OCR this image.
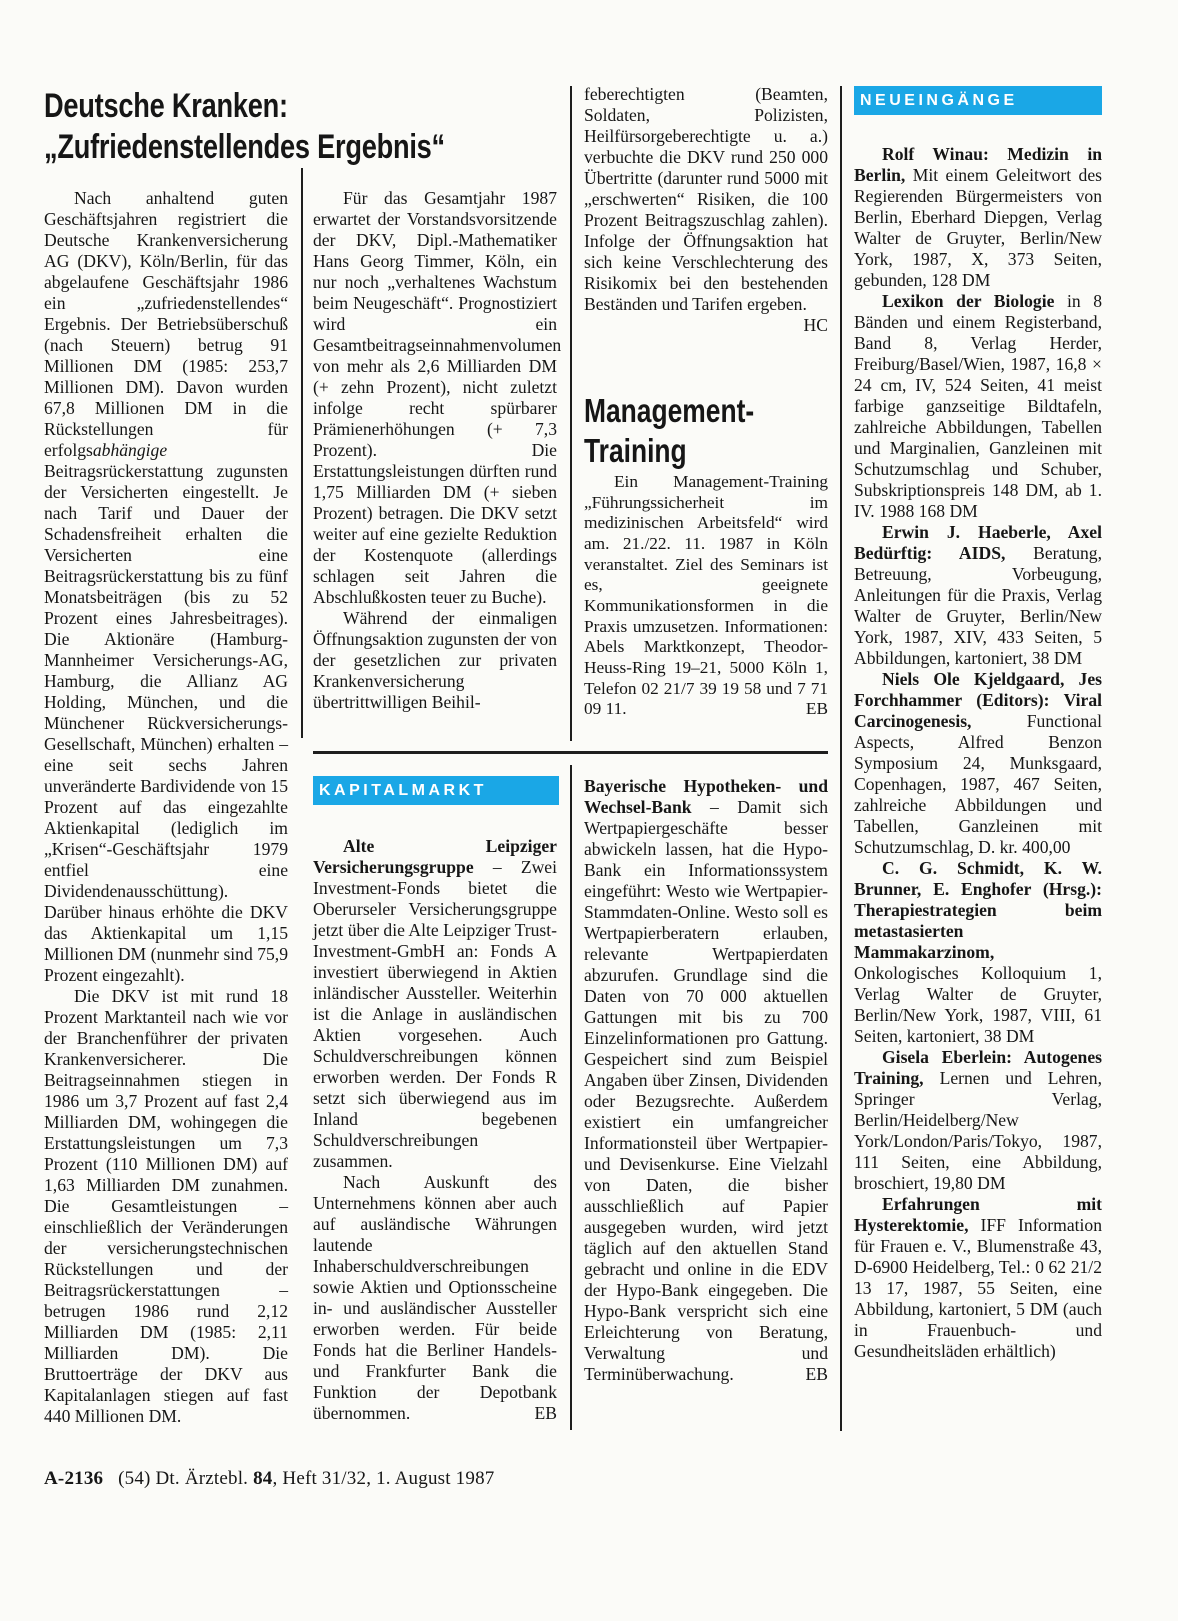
Deutsche Kranken:
„Zufriedenstellendes Ergebnis“

Nach anhaltend guten Geschäftsjahren registriert die Deutsche Krankenversicherung AG (DKV), Köln/Berlin, für das abgelaufene Geschäftsjahr 1986 ein „zufriedenstellendes“ Ergebnis. Der Betriebsüberschuß (nach Steuern) betrug 91 Millionen DM (1985: 253,7 Millionen DM). Davon wurden 67,8 Millionen DM in die Rückstellungen für erfolgsabhängige Beitragsrückerstattung zugunsten der Versicherten eingestellt. Je nach Tarif und Dauer der Schadensfreiheit erhalten die Versicherten eine Beitragsrückerstattung bis zu fünf Monatsbeiträgen (bis zu 52 Prozent eines Jahresbeitrages). Die Aktionäre (Hamburg-Mannheimer Versicherungs-AG, Hamburg, die Allianz AG Holding, München, und die Münchener Rückversicherungs-Gesellschaft, München) erhalten – eine seit sechs Jahren unveränderte Bardividende von 15 Prozent auf das eingezahlte Aktienkapital (lediglich im „Krisen“-Geschäftsjahr 1979 entfiel eine Dividendenausschüttung). Darüber hinaus erhöhte die DKV das Aktienkapital um 1,15 Millionen DM (nunmehr sind 75,9 Prozent eingezahlt).

Die DKV ist mit rund 18 Prozent Marktanteil nach wie vor der Branchenführer der privaten Krankenversicherer. Die Beitragseinnahmen stiegen in 1986 um 3,7 Prozent auf fast 2,4 Milliarden DM, wohingegen die Erstattungsleistungen um 7,3 Prozent (110 Millionen DM) auf 1,63 Milliarden DM zunahmen. Die Gesamtleistungen – einschließlich der Veränderungen der versicherungstechnischen Rückstellungen und der Beitragsrückerstattungen – betrugen 1986 rund 2,12 Milliarden DM (1985: 2,11 Milliarden DM). Die Bruttoerträge der DKV aus Kapitalanlagen stiegen auf fast 440 Millionen DM.

Für das Gesamtjahr 1987 erwartet der Vorstandsvorsitzende der DKV, Dipl.-Mathematiker Hans Georg Timmer, Köln, ein nur noch „verhaltenes Wachstum beim Neugeschäft“. Prognostiziert wird ein Gesamtbeitragseinnahmenvolumen von mehr als 2,6 Milliarden DM (+ zehn Prozent), nicht zuletzt infolge recht spürbarer Prämienerhöhungen (+ 7,3 Prozent). Die Erstattungsleistungen dürften rund 1,75 Milliarden DM (+ sieben Prozent) betragen. Die DKV setzt weiter auf eine gezielte Reduktion der Kostenquote (allerdings schlagen seit Jahren die Abschlußkosten teuer zu Buche).

Während der einmaligen Öffnungsaktion zugunsten der von der gesetzlichen zur privaten Krankenversicherung übertrittwilligen Beihil-

feberechtigten (Beamten, Soldaten, Polizisten, Heilfürsorgeberechtigte u. a.) verbuchte die DKV rund 250 000 Übertritte (darunter rund 5000 mit „erschwerten“ Risiken, die 100 Prozent Beitragszuschlag zahlen). Infolge der Öffnungsaktion hat sich keine Verschlechterung des Risikomix bei den bestehenden Beständen und Tarifen ergeben.
HC

Management-
Training

Ein Management-Training „Führungssicherheit im medizinischen Arbeitsfeld“ wird am. 21./22. 11. 1987 in Köln veranstaltet. Ziel des Seminars ist es, geeignete Kommunikationsformen in die Praxis umzusetzen. Informationen: Abels Marktkonzept, Theodor-Heuss-Ring 19–21, 5000 Köln 1, Telefon 02 21/7 39 19 58 und 7 71 09 11.	EB

KAPITALMARKT

Alte Leipziger Versicherungsgruppe – Zwei Investment-Fonds bietet die Oberurseler Versicherungsgruppe jetzt über die Alte Leipziger Trust-Investment-GmbH an: Fonds A investiert überwiegend in Aktien inländischer Aussteller. Weiterhin ist die Anlage in ausländischen Aktien vorgesehen. Auch Schuldverschreibungen können erworben werden. Der Fonds R setzt sich überwiegend aus im Inland begebenen Schuldverschreibungen zusammen.

Nach Auskunft des Unternehmens können aber auch auf ausländische Währungen lautende Inhaberschuldverschreibungen sowie Aktien und Optionsscheine in- und ausländischer Aussteller erworben werden. Für beide Fonds hat die Berliner Handels- und Frankfurter Bank die Funktion der Depotbank übernommen.	EB

Bayerische Hypotheken- und Wechsel-Bank – Damit sich Wertpapiergeschäfte besser abwickeln lassen, hat die Hypo-Bank ein Informationssystem eingeführt: Westo wie Wertpapier-Stammdaten-Online. Westo soll es Wertpapierberatern erlauben, relevante Wertpapierdaten abzurufen. Grundlage sind die Daten von 70 000 aktuellen Gattungen mit bis zu 700 Einzelinformationen pro Gattung. Gespeichert sind zum Beispiel Angaben über Zinsen, Dividenden oder Bezugsrechte. Außerdem existiert ein umfangreicher Informationsteil über Wertpapier- und Devisenkurse. Eine Vielzahl von Daten, die bisher ausschließlich auf Papier ausgegeben wurden, wird jetzt täglich auf den aktuellen Stand gebracht und online in die EDV der Hypo-Bank eingegeben. Die Hypo-Bank verspricht sich eine Erleichterung von Beratung, Verwaltung und Terminüberwachung.	EB

NEUEINGÄNGE

Rolf Winau: Medizin in Berlin, Mit einem Geleitwort des Regierenden Bürgermeisters von Berlin, Eberhard Diepgen, Verlag Walter de Gruyter, Berlin/New York, 1987, X, 373 Seiten, gebunden, 128 DM

Lexikon der Biologie in 8 Bänden und einem Registerband, Band 8, Verlag Herder, Freiburg/Basel/Wien, 1987, 16,8 × 24 cm, IV, 524 Seiten, 41 meist farbige ganzseitige Bildtafeln, zahlreiche Abbildungen, Tabellen und Marginalien, Ganzleinen mit Schutzumschlag und Schuber, Subskriptionspreis 148 DM, ab 1. IV. 1988 168 DM

Erwin J. Haeberle, Axel Bedürftig: AIDS, Beratung, Betreuung, Vorbeugung, Anleitungen für die Praxis, Verlag Walter de Gruyter, Berlin/New York, 1987, XIV, 433 Seiten, 5 Abbildungen, kartoniert, 38 DM

Niels Ole Kjeldgaard, Jes Forchhammer (Editors): Viral Carcinogenesis, Functional Aspects, Alfred Benzon Symposium 24, Munksgaard, Copenhagen, 1987, 467 Seiten, zahlreiche Abbildungen und Tabellen, Ganzleinen mit Schutzumschlag, D. kr. 400,00

C. G. Schmidt, K. W. Brunner, E. Enghofer (Hrsg.): Therapiestrategien beim metastasierten Mammakarzinom, Onkologisches Kolloquium 1, Verlag Walter de Gruyter, Berlin/New York, 1987, VIII, 61 Seiten, kartoniert, 38 DM

Gisela Eberlein: Autogenes Training, Lernen und Lehren, Springer Verlag, Berlin/Heidelberg/New York/London/Paris/Tokyo, 1987, 111 Seiten, eine Abbildung, broschiert, 19,80 DM

Erfahrungen mit Hysterektomie, IFF Information für Frauen e. V., Blumenstraße 43, D-6900 Heidelberg, Tel.: 0 62 21/2 13 17, 1987, 55 Seiten, eine Abbildung, kartoniert, 5 DM (auch in Frauenbuch- und Gesundheitsläden erhältlich)

A-2136 (54) Dt. Ärztebl. 84, Heft 31/32, 1. August 1987
